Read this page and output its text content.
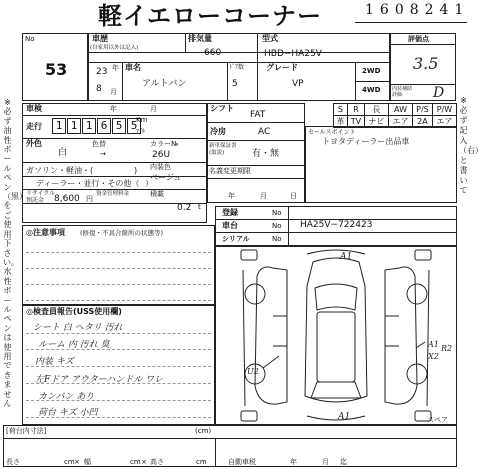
軽イエローコーナー	1608241
※必ず油性ボールペン（黒）をご使用下さい。水性ボールペンは使用できません
※必ず記入（右）と書いて
No
53
車歴
(自家用以外は記入)
排気量
660
型式
HBD−HA25V
23 年
8 月
車名
アルトバン
ﾄﾞｱ数
5
グレード
VP
2WD
4WD
評価点
3.5
内装補助評価	D
車検	年	月
走行	1 1 1 6 5 5
Km
ﾏｲﾙ
外色
白
色替
→
カラー№
26U
内装色
ベージュ
ガソリン・軽油・(	)
ディーラー・並行・その他（ ）
リサイクル
預託金	8,600 円
資金管理料金	積載
0.2 t
シフト
FAT
冷房	AC
新車保証書
(取説)	有・無
名義変更期限
年	月	日
S	R	長	AW	P/S	P/W
革	TV	ナビ	エア	2A	エア
セールスポイント
トヨタディーラー出品車
登録	No
車台	No HA25V−722423
シリアル	No
◎注意事項 (修復・不具合箇所の状態等)
◎検査員報告(USS使用欄)
シート 白 ヘタリ 汚れ
ルーム 内 汚れ 臭
内装 キズ
左Fドア アウターハンドル ワレ
カンバン あり
荷台 キズ 小凹
A1
A1
U2
A1
X2
R2
スペア
[荷台内寸法]	(cm)
長さ	cm × 幅	cm × 高さ	cm	自動車税	年	月 迄
